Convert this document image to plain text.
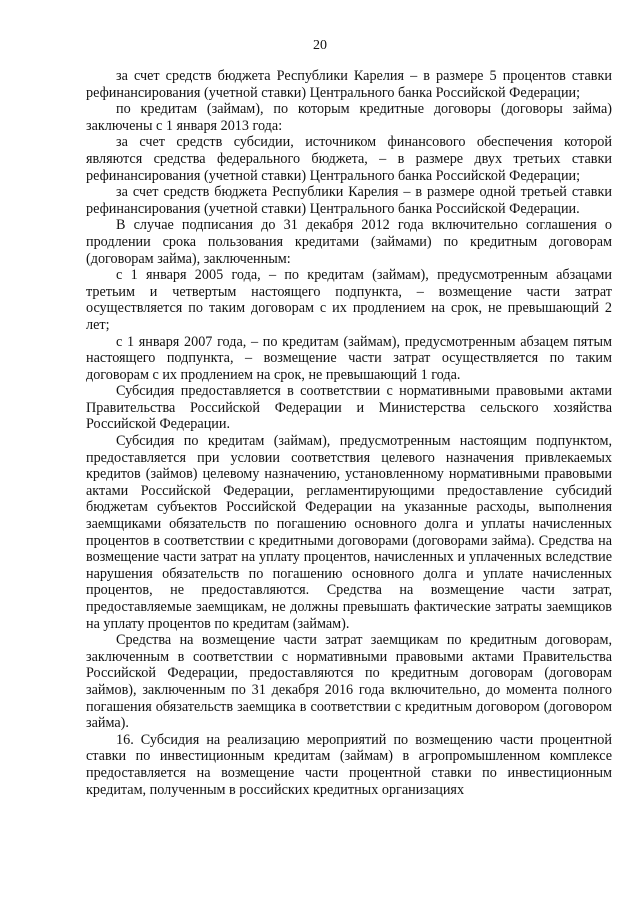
20

за счет средств бюджета Республики Карелия – в размере 5 процентов ставки рефинансирования (учетной ставки) Центрального банка Российской Федерации;

по кредитам (займам), по которым кредитные договоры (договоры займа) заключены с 1 января 2013 года:

за счет средств субсидии, источником финансового обеспечения которой являются средства федерального бюджета, – в размере двух третьих ставки рефинансирования (учетной ставки) Центрального банка Российской Федерации;

за счет средств бюджета Республики Карелия – в размере одной третьей ставки рефинансирования (учетной ставки) Центрального банка Российской Федерации.

В случае подписания до 31 декабря 2012 года включительно соглашения о продлении срока пользования кредитами (займами) по кредитным договорам (договорам займа), заключенным:

с 1 января 2005 года, – по кредитам (займам), предусмотренным абзацами третьим и четвертым настоящего подпункта, – возмещение части затрат осуществляется по таким договорам с их продлением на срок, не превышающий 2 лет;

с 1 января 2007 года, – по кредитам (займам), предусмотренным абзацем пятым настоящего подпункта, – возмещение части затрат осуществляется по таким договорам с их продлением на срок, не превышающий 1 года.

Субсидия предоставляется в соответствии с нормативными правовыми актами Правительства Российской Федерации и Министерства сельского хозяйства Российской Федерации.

Субсидия по кредитам (займам), предусмотренным настоящим подпунктом, предоставляется при условии соответствия целевого назначения привлекаемых кредитов (займов) целевому назначению, установленному нормативными правовыми актами Российской Федерации, регламентирующими предоставление субсидий бюджетам субъектов Российской Федерации на указанные расходы, выполнения заемщиками обязательств по погашению основного долга и уплаты начисленных процентов в соответствии с кредитными договорами (договорами займа). Средства на возмещение части затрат на уплату процентов, начисленных и уплаченных вследствие нарушения обязательств по погашению основного долга и уплате начисленных процентов, не предоставляются. Средства на возмещение части затрат, предоставляемые заемщикам, не должны превышать фактические затраты заемщиков на уплату процентов по кредитам (займам).

Средства на возмещение части затрат заемщикам по кредитным договорам, заключенным в соответствии с нормативными правовыми актами Правительства Российской Федерации, предоставляются по кредитным договорам (договорам займов), заключенным по 31 декабря 2016 года включительно, до момента полного погашения обязательств заемщика в соответствии с кредитным договором (договором займа).

16. Субсидия на реализацию мероприятий по возмещению части процентной ставки по инвестиционным кредитам (займам) в агропромышленном комплексе предоставляется на возмещение части процентной ставки по инвестиционным кредитам, полученным в российских кредитных организациях
